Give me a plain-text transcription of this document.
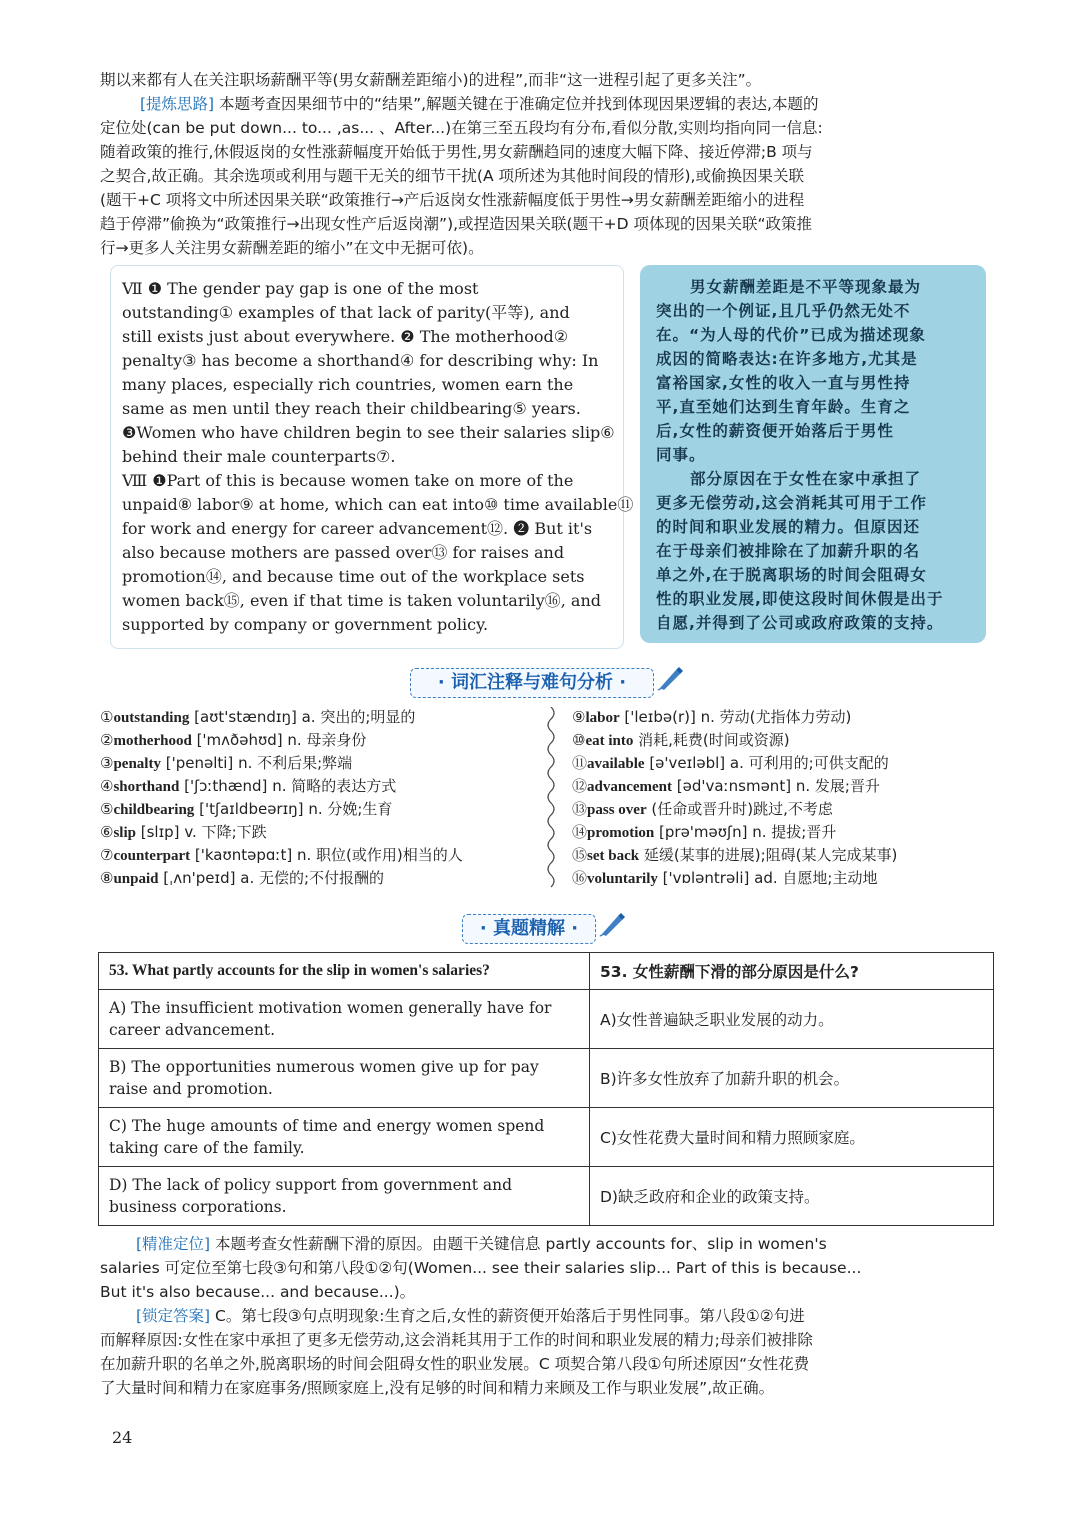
期以来都有人在关注职场薪酬平等(男女薪酬差距缩小)的进程”,而非“这一进程引起了更多关注”。
[提炼思路] 本题考查因果细节中的“结果”,解题关键在于准确定位并找到体现因果逻辑的表达,本题的
定位处(can be put down... to... ,as... 、After...)在第三至五段均有分布,看似分散,实则均指向同一信息:
随着政策的推行,休假返岗的女性涨薪幅度开始低于男性,男女薪酬趋同的速度大幅下降、接近停滞;B 项与
之契合,故正确。其余选项或利用与题干无关的细节干扰(A 项所述为其他时间段的情形),或偷换因果关联
(题干+C 项将文中所述因果关联“政策推行→产后返岗女性涨薪幅度低于男性→男女薪酬差距缩小的进程
趋于停滞”偷换为“政策推行→出现女性产后返岗潮”),或捏造因果关联(题干+D 项体现的因果关联“政策推
行→更多人关注男女薪酬差距的缩小”在文中无据可依)。
Ⅶ ❶ The gender pay gap is one of the most
outstanding① examples of that lack of parity(平等), and
still exists just about everywhere. ❷ The motherhood②
penalty③ has become a shorthand④ for describing why: In
many places, especially rich countries, women earn the
same as men until they reach their childbearing⑤ years.
❸Women who have children begin to see their salaries slip⑥
behind their male counterparts⑦.
Ⅷ ❶Part of this is because women take on more of the
unpaid⑧ labor⑨ at home, which can eat into⑩ time available⑪
for work and energy for career advancement⑫. ❷ But it's
also because mothers are passed over⑬ for raises and
promotion⑭, and because time out of the workplace sets
women back⑮, even if that time is taken voluntarily⑯, and
supported by company or government policy.
男女薪酬差距是不平等现象最为
突出的一个例证,且几乎仍然无处不
在。“为人母的代价”已成为描述现象
成因的简略表达:在许多地方,尤其是
富裕国家,女性的收入一直与男性持
平,直至她们达到生育年龄。生育之
后,女性的薪资便开始落后于男性
同事。
部分原因在于女性在家中承担了
更多无偿劳动,这会消耗其可用于工作
的时间和职业发展的精力。但原因还
在于母亲们被排除在了加薪升职的名
单之外,在于脱离职场的时间会阻碍女
性的职业发展,即使这段时间休假是出于
自愿,并得到了公司或政府政策的支持。
· 词汇注释与难句分析 ·
①outstanding [aʊt'stændɪŋ] a. 突出的;明显的
②motherhood ['mʌðəhʊd] n. 母亲身份
③penalty ['penəlti] n. 不利后果;弊端
④shorthand ['ʃɔːthænd] n. 简略的表达方式
⑤childbearing ['tʃaɪldbeərɪŋ] n. 分娩;生育
⑥slip [slɪp] v. 下降;下跌
⑦counterpart ['kaʊntəpɑːt] n. 职位(或作用)相当的人
⑧unpaid [ˌʌn'peɪd] a. 无偿的;不付报酬的
⑨labor ['leɪbə(r)] n. 劳动(尤指体力劳动)
⑩eat into 消耗,耗费(时间或资源)
⑪available [ə'veɪləbl] a. 可利用的;可供支配的
⑫advancement [əd'vaːnsmənt] n. 发展;晋升
⑬pass over (任命或晋升时)跳过,不考虑
⑭promotion [prə'məʊʃn] n. 提拔;晋升
⑮set back 延缓(某事的进展);阻碍(某人完成某事)
⑯voluntarily ['vɒləntrəli] ad. 自愿地;主动地
· 真题精解 ·
53. What partly accounts for the slip in women's salaries?	53. 女性薪酬下滑的部分原因是什么?
A) The insufficient motivation women generally have for career advancement.	A)女性普遍缺乏职业发展的动力。
B) The opportunities numerous women give up for pay raise and promotion.	B)许多女性放弃了加薪升职的机会。
C) The huge amounts of time and energy women spend taking care of the family.	C)女性花费大量时间和精力照顾家庭。
D) The lack of policy support from government and business corporations.	D)缺乏政府和企业的政策支持。
[精准定位] 本题考查女性薪酬下滑的原因。由题干关键信息 partly accounts for、slip in women's
salaries 可定位至第七段③句和第八段①②句(Women... see their salaries slip... Part of this is because...
But it's also because... and because...)。
[锁定答案] C。第七段③句点明现象:生育之后,女性的薪资便开始落后于男性同事。第八段①②句进
而解释原因:女性在家中承担了更多无偿劳动,这会消耗其用于工作的时间和职业发展的精力;母亲们被排除
在加薪升职的名单之外,脱离职场的时间会阻碍女性的职业发展。C 项契合第八段①句所述原因“女性花费
了大量时间和精力在家庭事务/照顾家庭上,没有足够的时间和精力来顾及工作与职业发展”,故正确。
24
